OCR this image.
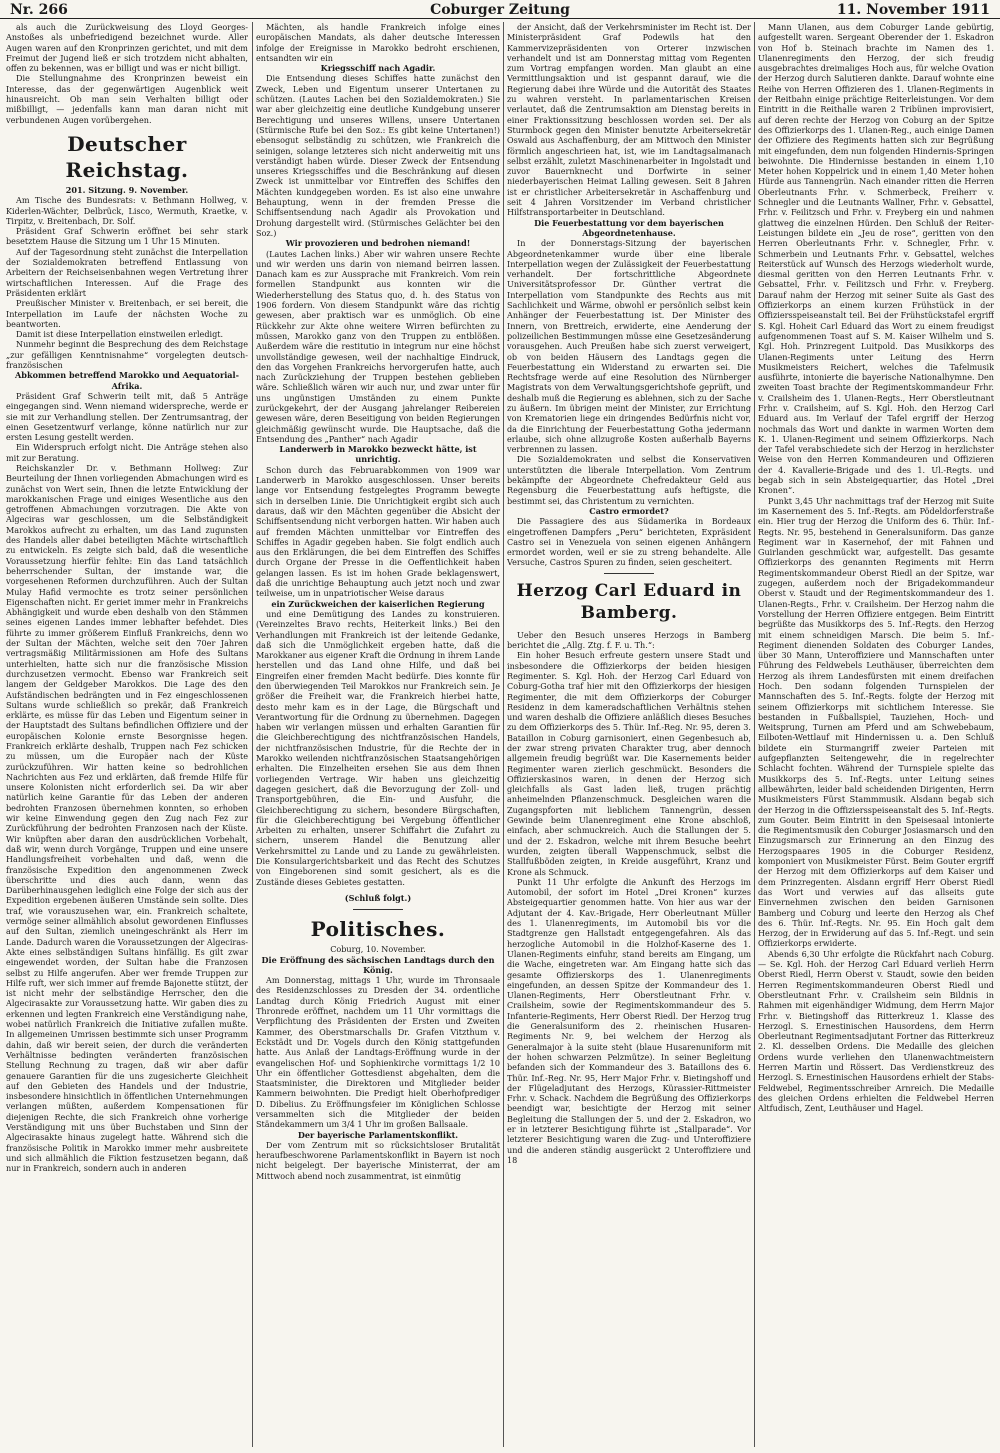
Nr. 266	Coburger Zeitung	11. November 1911

als auch die Zurückweisung des Lloyd Georges-Anstoßes als unbefriedigend bezeichnet wurde. Aller Augen waren auf den Kronprinzen gerichtet, und mit dem Freimut der Jugend ließ er sich trotzdem nicht abhalten, offen zu bekennen, was er billigt und was er nicht billigt.

Die Stellungnahme des Kronprinzen beweist ein Interesse, das der gegenwärtigen Augenblick weit hinausreicht. Ob man sein Verhalten billigt oder mißbilligt, — jedenfalls kann man daran nicht mit verbundenen Augen vorübergehen.

Deutscher Reichstag.

201. Sitzung. 9. November.

Am Tische des Bundesrats: v. Bethmann Hollweg, v. Kiderlen-Wächter, Delbrück, Lisco, Wermuth, Kraetke, v. Tirpitz, v. Breitenbach, Dr. Solf.

Präsident Graf Schwerin eröffnet bei sehr stark besetztem Hause die Sitzung um 1 Uhr 15 Minuten.

Auf der Tagesordnung steht zunächst die Interpellation der Sozialdemokraten betreffend Entlassung von Arbeitern der Reichseisenbahnen wegen Vertretung ihrer wirtschaftlichen Interessen. Auf die Frage des Präsidenten erklärt

Preußischer Minister v. Breitenbach, er sei bereit, die Interpellation im Laufe der nächsten Woche zu beantworten.

Damit ist diese Interpellation einstweilen erledigt.

Nunmehr beginnt die Besprechung des dem Reichstage „zur gefälligen Kenntnisnahme“ vorgelegten deutsch-französischen

Abkommen betreffend Marokko und Aequatorial-Afrika.

Präsident Graf Schwerin teilt mit, daß 5 Anträge eingegangen sind. Wenn niemand widerspreche, werde er sie mit zur Verhandlung stellen. Der Zentrumsantrag, der einen Gesetzentwurf verlange, könne natürlich nur zur ersten Lesung gestellt werden.

Ein Widerspruch erfolgt nicht. Die Anträge stehen also mit zur Beratung.

Reichskanzler Dr. v. Bethmann Hollweg: Zur Beurteilung der Ihnen vorliegenden Abmachungen wird es zunächst von Wert sein, Ihnen die letzte Entwicklung der marokkanischen Frage und einiges Wesentliche aus den getroffenen Abmachungen vorzutragen. Die Akte von Algeciras war geschlossen, um die Selbständigkeit Marokkos aufrecht zu erhalten, um das Land zugunsten des Handels aller dabei beteiligten Mächte wirtschaftlich zu entwickeln. Es zeigte sich bald, daß die wesentliche Voraussetzung hierfür fehlte: Ein das Land tatsächlich beherrschender Sultan, der imstande war, die vorgesehenen Reformen durchzuführen. Auch der Sultan Mulay Hafid vermochte es trotz seiner persönlichen Eigenschaften nicht. Er geriet immer mehr in Frankreichs Abhängigkeit und wurde eben deshalb von den Stämmen seines eigenen Landes immer lebhafter befehdet. Dies führte zu immer größerem Einfluß Frankreichs, denn wo der Sultan der Mächten, welche seit den 70er Jahren vertragsmäßig Militärmissionen am Hofe des Sultans unterhielten, hatte sich nur die französische Mission durchzusetzen vermocht. Ebenso war Frankreich seit langem der Geldgeber Marokkos. Die Lage des den Aufständischen bedrängten und in Fez eingeschlossenen Sultans wurde schließlich so prekär, daß Frankreich erklärte, es müsse für das Leben und Eigentum seiner in der Hauptstadt des Sultans befindlichen Offiziere und der europäischen Kolonie ernste Besorgnisse hegen. Frankreich erklärte deshalb, Truppen nach Fez schicken zu müssen, um die Europäer nach der Küste zurückzuführen. Wir hatten keine so bedrohlichen Nachrichten aus Fez und erklärten, daß fremde Hilfe für unsere Kolonisten nicht erforderlich sei. Da wir aber natürlich keine Garantie für das Leben der anderen bedrohten Franzosen übernehmen konnten, so erhoben wir keine Einwendung gegen den Zug nach Fez zur Zurückführung der bedrohten Franzosen nach der Küste. Wir knüpften aber daran den ausdrücklichen Vorbehalt, daß wir, wenn durch Vorgänge, Truppen und eine unsere Handlungsfreiheit vorbehalten und daß, wenn die französische Expedition den angenommenen Zweck überschritte und dies auch dann, wenn das Darüberhinausgehen lediglich eine Folge der sich aus der Expedition ergebenen äußeren Umstände sein sollte. Dies traf, wie vorauszusehen war, ein. Frankreich schaltete, vermöge seiner allmählich absolut gewordenen Einflusses auf den Sultan, ziemlich uneingeschränkt als Herr im Lande. Dadurch waren die Voraussetzungen der Algeciras-Akte eines selbständigen Sultans hinfällig. Es gilt zwar eingewendet worden, der Sultan habe die Franzosen selbst zu Hilfe angerufen. Aber wer fremde Truppen zur Hilfe ruft, wer sich immer auf fremde Bajonette stützt, der ist nicht mehr der selbständige Herrscher, den die Algecirasakte zur Voraussetzung hatte. Wir gaben dies zu erkennen und legten Frankreich eine Verständigung nahe, wobei natürlich Frankreich die Initiative zufallen mußte. In allgemeinen Umrissen bestimmte sich unser Programm dahin, daß wir bereit seien, der durch die veränderten Verhältnisse bedingten veränderten französischen Stellung Rechnung zu tragen, daß wir aber dafür genauere Garantien für die uns zugesicherte Gleichheit auf den Gebieten des Handels und der Industrie, insbesondere hinsichtlich in öffentlichen Unternehmungen verlangen müßten, außerdem Kompensationen für diejenigen Rechte, die sich Frankreich ohne vorherige Verständigung mit uns über Buchstaben und Sinn der Algecirasakte hinaus zugelegt hatte. Während sich die französische Politik in Marokko immer mehr ausbreitete und sich allmählich die Fiktion festzusetzen begann, daß nur in Frankreich, sondern auch in anderen

Mächten, als handle Frankreich infolge eines europäischen Mandats, als daher deutsche Interessen infolge der Ereignisse in Marokko bedroht erschienen, entsandten wir ein

Kriegsschiff nach Agadir.

Die Entsendung dieses Schiffes hatte zunächst den Zweck, Leben und Eigentum unserer Untertanen zu schützen. (Lautes Lachen bei den Sozialdemokraten.) Sie war aber gleichzeitig eine deutliche Kundgebung unserer Berechtigung und unseres Willens, unsere Untertanen (Stürmische Rufe bei den Soz.: Es gibt keine Untertanen!) ebensogut selbständig zu schützen, wie Frankreich die seinigen, solange letzteres sich nicht anderweitig mit uns verständigt haben würde. Dieser Zweck der Entsendung unseres Kriegsschiffes und die Beschränkung auf diesen Zweck ist unmittelbar vor Eintreffen des Schiffes den Mächten kundgegeben worden. Es ist also eine unwahre Behauptung, wenn in der fremden Presse die Schiffsentsendung nach Agadir als Provokation und Drohung dargestellt wird. (Stürmisches Gelächter bei den Soz.)

Wir provozieren und bedrohen niemand!

(Lautes Lachen links.) Aber wir wahren unsere Rechte und wir werden uns darin von niemand beirren lassen. Danach kam es zur Aussprache mit Frankreich. Vom rein formellen Standpunkt aus konnten wir die Wiederherstellung des Status quo, d. h. des Status von 1906 fordern. Von diesem Standpunkt wäre das richtig gewesen, aber praktisch war es unmöglich. Ob eine Rückkehr zur Akte ohne weitere Wirren befürchten zu müssen, Marokko ganz von den Truppen zu entblößen. Außerdem wäre die restitutio in integrum nur eine höchst unvollständige gewesen, weil der nachhaltige Eindruck, den das Vorgehen Frankreichs hervorgerufen hatte, auch nach Zurückziehung der Truppen bestehen geblieben wäre. Schließlich wären wir auch nur, und zwar unter für uns ungünstigen Umständen zu einem Punkte zurückgekehrt, der der Ausgang jahrelanger Reibereien gewesen wäre, deren Beseitigung von beiden Regierungen gleichmäßig gewünscht wurde. Die Hauptsache, daß die Entsendung des „Panther“ nach Agadir

Landerwerb in Marokko bezweckt hätte, ist unrichtig.

Schon durch das Februarabkommen von 1909 war Landerwerb in Marokko ausgeschlossen. Unser bereits lange vor Entsendung festgelegtes Programm bewegte sich in derselben Linie. Die Unrichtigkeit ergibt sich auch daraus, daß wir den Mächten gegenüber die Absicht der Schiffsentsendung nicht verborgen hatten. Wir haben auch auf fremden Mächten unmittelbar vor Eintreffen des Schiffes in Agadir gegeben haben. Sie folgt endlich auch aus den Erklärungen, die bei dem Eintreffen des Schiffes durch Organe der Presse in die Oeffentlichkeit haben gelangen lassen. Es ist im hohen Grade beklagenswert, daß die unrichtige Behauptung auch jetzt noch und zwar teilweise, um in unpatriotischer Weise daraus

ein Zurückweichen der kaiserlichen Regierung

und eine Demütigung des Landes zu konstruieren. (Vereinzeltes Bravo rechts, Heiterkeit links.) Bei den Verhandlungen mit Frankreich ist der leitende Gedanke, daß sich die Unmöglichkeit ergeben hatte, daß die Marokkaner aus eigener Kraft die Ordnung in ihrem Lande herstellen und das Land ohne Hilfe, und daß bei Eingreifen einer fremden Macht bedürfe. Dies konnte für den überwiegenden Teil Marokkos nur Frankreich sein. Je größer die Freiheit war, die Frankreich hierbei hatte, desto mehr kam es in der Lage, die Bürgschaft und Verantwortung für die Ordnung zu übernehmen. Dagegen haben wir verlangen müssen und erhalten Garantien für die Gleichberechtigung des nichtfranzösischen Handels, der nichtfranzösischen Industrie, für die Rechte der in Marokko weilenden nichtfranzösischen Staatsangehörigen erhalten. Die Einzelheiten ersehen Sie aus dem Ihnen vorliegenden Vertrage. Wir haben uns gleichzeitig dagegen gesichert, daß die Bevorzugung der Zoll- und Transportgebühren, die Ein- und Ausfuhr, die Gleichberechtigung zu sichern, besondere Bürgschaften, für die Gleichberechtigung bei Vergebung öffentlicher Arbeiten zu erhalten, unserer Schiffahrt die Zufahrt zu sichern, unserem Handel die Benutzung aller Verkehrsmittel zu Lande und zu Lande zu gewährleisten. Die Konsulargerichtsbarkeit und das Recht des Schutzes von Eingeborenen sind somit gesichert, als es die Zustände dieses Gebietes gestatten.

(Schluß folgt.)

Politisches.

Coburg, 10. November.

Die Eröffnung des sächsischen Landtags durch den König.

Am Donnerstag, mittags 1 Uhr, wurde im Thronsaale des Residenzschlosses zu Dresden der 34. ordentliche Landtag durch König Friedrich August mit einer Thronrede eröffnet, nachdem um 11 Uhr vormittags die Verpflichtung des Präsidenten der Ersten und Zweiten Kammer, des Oberstmarschalls Dr. Grafen Vitzthum v. Eckstädt und Dr. Vogels durch den König stattgefunden hatte. Aus Anlaß der Landtags-Eröffnung wurde in der evangelischen Hof- und Sophienkirche vormittags 1/2 10 Uhr ein öffentlicher Gottesdienst abgehalten, dem die Staatsminister, die Direktoren und Mitglieder beider Kammern beiwohnten. Die Predigt hielt Oberhofprediger D. Dibelius. Zu Eröffnungsfeier im Königlichen Schlosse versammelten sich die Mitglieder der beiden Ständekammern um 3/4 1 Uhr im großen Ballsaale.

Der bayerische Parlamentskonflikt.

Der vom Zentrum mit so rücksichtsloser Brutalität heraufbeschworene Parlamentskonflikt in Bayern ist noch nicht beigelegt. Der bayerische Ministerrat, der am Mittwoch abend noch zusammentrat, ist einmütig

der Ansicht, daß der Verkehrsminister im Recht ist. Der Ministerpräsident Graf Podewils hat den Kammervizepräsidenten von Orterer inzwischen verhandelt und ist am Donnerstag mittag vom Regenten zum Vortrag empfangen worden. Man glaubt an eine Vermittlungsaktion und ist gespannt darauf, wie die Regierung dabei ihre Würde und die Autorität des Staates zu wahren versteht. In parlamentarischen Kreisen verlautet, daß die Zentrumsaktion am Dienstag bereits in einer Fraktionssitzung beschlossen worden sei. Der als Sturmbock gegen den Minister benutzte Arbeitersekretär Oswald aus Aschaffenburg, der am Mittwoch den Minister förmlich angeschrieen hat, ist, wie im Landtagsalmanach selbst erzählt, zuletzt Maschinenarbeiter in Ingolstadt und zuvor Bauernknecht und Dorfwirte in seiner niederbayerischen Heimat Lalling gewesen. Seit 8 Jahren ist er christlicher Arbeitersekretär in Aschaffenburg und seit 4 Jahren Vorsitzender im Verband christlicher Hilfstransportarbeiter in Deutschland.

Die Feuerbestattung vor dem bayerischen Abgeordnetenhause.

In der Donnerstags-Sitzung der bayerischen Abgeordnetenkammer wurde über eine liberale Interpellation wegen der Zulässigkeit der Feuerbestattung verhandelt. Der fortschrittliche Abgeordnete Universitätsprofessor Dr. Günther vertrat die Interpellation vom Standpunkte des Rechts aus mit Sachlichkeit und Wärme, obwohl er persönlich selbst kein Anhänger der Feuerbestattung ist. Der Minister des Innern, von Brettreich, erwiderte, eine Aenderung der polizeilichen Bestimmungen müsse eine Gesetzesänderung vorausgehen. Auch Preußen habe sich zuerst verweigert, ob von beiden Häusern des Landtags gegen die Feuerbestattung ein Widerstand zu erwarten sei. Die Rechtsfrage werde auf eine Resolution des Nürnberger Magistrats von dem Verwaltungsgerichtshofe geprüft, und deshalb muß die Regierung es ablehnen, sich zu der Sache zu äußern. Im übrigen meint der Minister, zur Errichtung von Krematorien liege ein dringendes Bedürfnis nicht vor, da die Einrichtung der Feuerbestattung Gotha jedermann erlaube, sich ohne allzugroße Kosten außerhalb Bayerns verbrennen zu lassen.

Die Sozialdemokraten und selbst die Konservativen unterstützten die liberale Interpellation. Vom Zentrum bekämpfte der Abgeordnete Chefredakteur Geld aus Regensburg die Feuerbestattung aufs heftigste, die bestimmt sei, das Christentum zu vernichten.

Castro ermordet?

Die Passagiere des aus Südamerika in Bordeaux eingetroffenen Dampfers „Peru“ berichteten, Expräsident Castro sei in Venezuela von seinen eigenen Anhängern ermordet worden, weil er sie zu streng behandelte. Alle Versuche, Castros Spuren zu finden, seien gescheitert.

Herzog Carl Eduard in Bamberg.

Ueber den Besuch unseres Herzogs in Bamberg berichtet die „Allg. Ztg. f. F. u. Th.“:

Ein hoher Besuch erfreute gestern unsere Stadt und insbesondere die Offizierkorps der beiden hiesigen Regimenter. S. Kgl. Hoh. der Herzog Carl Eduard von Coburg-Gotha traf hier mit den Offizierkorps der hiesigen Regimenter, die mit dem Offizierkorps der Coburger Residenz in dem kameradschaftlichen Verhältnis stehen und waren deshalb die Offiziere anläßlich dieses Besuches zu dem Offizierkorps des 5. Thür. Inf.-Reg. Nr. 95, deren 3. Bataillon in Coburg garnisoniert, einen Gegenbesuch ab, der zwar streng privaten Charakter trug, aber dennoch allgemein freudig begrüßt war. Die Kasernements beider Regimenter waren zierlich geschmückt. Besonders die Offizierskasinos waren, in denen der Herzog sich gleichfalls als Gast laden ließ, trugen prächtig anheimelnden Pflanzenschmuck. Desgleichen waren die Zugangspforten mit lieblichem Tannengrün, dessen Gewinde beim Ulanenregiment eine Krone abschloß, einfach, aber schmuckreich. Auch die Stallungen der 5. und der 2. Eskadron, welche mit ihrem Besuche beehrt wurden, zeigten überall Wappenschmuck, selbst die Stallfußböden zeigten, in Kreide ausgeführt, Kranz und Krone als Schmuck.

Punkt 11 Uhr erfolgte die Ankunft des Herzogs im Automobil, der sofort im Hotel „Drei Kronen“ kurzes Absteigequartier genommen hatte. Von hier aus war der Adjutant der 4. Kav.-Brigade, Herr Oberleutnant Müller des 1. Ulanenregiments, im Automobil bis vor die Stadtgrenze gen Hallstadt entgegengefahren. Als das herzogliche Automobil in die Holzhof-Kaserne des 1. Ulanen-Regiments einfuhr, stand bereits am Eingang, um die Wache, eingetreten war. Am Eingang hatte sich das gesamte Offizierskorps des 1. Ulanenregiments eingefunden, an dessen Spitze der Kommandeur des 1. Ulanen-Regiments, Herr Oberstleutnant Frhr. v. Crailsheim, sowie der Regimentskommandeur des 5. Infanterie-Regiments, Herr Oberst Riedl. Der Herzog trug die Generalsuniform des 2. rheinischen Husaren-Regiments Nr. 9, bei welchem der Herzog als Generalmajor à la suite steht (blaue Husarenuniform mit der hohen schwarzen Pelzmütze). In seiner Begleitung befanden sich der Kommandeur des 3. Bataillons des 6. Thür. Inf.-Reg. Nr. 95, Herr Major Frhr. v. Bietingshoff und der Flügeladjutant des Herzogs, Kürassier-Rittmeister Frhr. v. Schack. Nachdem die Begrüßung des Offizierkorps beendigt war, besichtigte der Herzog mit seiner Begleitung die Stallungen der 5. und der 2. Eskadron, wo er in letzterer Besichtigung führte ist „Stallparade“. Vor letzterer Besichtigung waren die Zug- und Unteroffiziere und die anderen ständig ausgerückt 2 Unteroffiziere und 18

Mann Ulanen, aus dem Coburger Lande gebürtig, aufgestellt waren. Sergeant Oberender der 1. Eskadron von Hof b. Steinach brachte im Namen des 1. Ulanenregiments den Herzog, der sich freudig ausgebrachtes dreimaliges Hoch aus, für welche Ovation der Herzog durch Salutieren dankte. Darauf wohnte eine Reihe von Herren Offizieren des 1. Ulanen-Regiments in der Reitbahn einige prächtige Reiterleistungen. Vor dem Eintritt in die Reithalle waren 2 Tribünen improvisiert, auf deren rechte der Herzog von Coburg an der Spitze des Offizierkorps des 1. Ulanen-Reg., auch einige Damen der Offiziere des Regiments hatten sich zur Begrüßung mit eingefunden, dem nun folgenden Hindernis-Springen beiwohnte. Die Hindernisse bestanden in einem 1,10 Meter hohen Koppelrick und in einem 1,40 Meter hohen Hürde aus Tannengrün. Nach einander ritten die Herren Oberleutnants Frhr. v. Schmerbeck, Freiherr v. Schnegler und die Leutnants Wallner, Frhr. v. Gebsattel, Frhr. v. Feilitzsch und Frhr. v. Freyberg ein und nahmen glattweg die einzelnen Hürden. Den Schluß der Reiter-Leistungen bildete ein „Jeu de rose“, geritten von den Herren Oberleutnants Frhr. v. Schnegler, Frhr. v. Schmerbein und Leutnants Frhr. v. Gebsattel, welches Reiterstück auf Wunsch des Herzogs wiederholt wurde, diesmal geritten von den Herren Leutnants Frhr. v. Gebsattel, Frhr. v. Feilitzsch und Frhr. v. Freyberg. Darauf nahm der Herzog mit seiner Suite als Gast des Offizierkorps an einem kurzen Frühstück in der Offiziersspeiseanstalt teil. Bei der Frühstückstafel ergriff S. Kgl. Hoheit Carl Eduard das Wort zu einem freudigst aufgenommenen Toast auf S. M. Kaiser Wilhelm und S. Kgl. Hoh. Prinzregent Luitpold. Das Musikkorps des Ulanen-Regiments unter Leitung des Herrn Musikmeisters Reichert, welches die Tafelmusik ausführte, intonierte die bayerische Nationalhymne. Den zweiten Toast brachte der Regimentskommandeur Frhr. v. Crailsheim des 1. Ulanen-Regts., Herr Oberstleutnant Frhr. v. Crailsheim, auf S. Kgl. Hoh. den Herzog Carl Eduard aus. Im Verlauf der Tafel ergriff der Herzog nochmals das Wort und dankte in warmen Worten dem K. 1. Ulanen-Regiment und seinem Offizierkorps. Nach der Tafel verabschiedete sich der Herzog in herzlichster Weise von den Herren Kommandeuren und Offizieren der 4. Kavallerie-Brigade und des 1. Ul.-Regts. und begab sich in sein Absteigequartier, das Hotel „Drei Kronen“.

Punkt 3,45 Uhr nachmittags traf der Herzog mit Suite im Kasernement des 5. Inf.-Regts. am Pödeldorferstraße ein. Hier trug der Herzog die Uniform des 6. Thür. Inf.-Regts. Nr. 95, bestehend in Generalsuniform. Das ganze Regiment war in Kasernehof, der mit Fahnen und Guirlanden geschmückt war, aufgestellt. Das gesamte Offizierkorps des genannten Regiments mit Herrn Regimentskommandeur Oberst Riedl an der Spitze, war zugegen, außerdem noch der Brigadekommandeur Oberst v. Staudt und der Regimentskommandeur des 1. Ulanen-Regts., Frhr. v. Crailsheim. Der Herzog nahm die Vorstellung der Herren Offiziere entgegen. Beim Eintritt begrüßte das Musikkorps des 5. Inf.-Regts. den Herzog mit einem schneidigen Marsch. Die beim 5. Inf.-Regiment dienenden Soldaten des Coburger Landes, über 30 Mann, Unteroffiziere und Mannschaften unter Führung des Feldwebels Leuthäuser, überreichten dem Herzog als ihrem Landesfürsten mit einem dreifachen Hoch. Den sodann folgenden Turnspielen der Mannschaften des 5. Inf.-Regts. folgte der Herzog mit seinem Offizierkorps mit sichtlichem Interesse. Sie bestanden in Fußballspiel, Tauziehen, Hoch- und Weitsprung, Turnen am Pferd und am Schwebebaum, Eilboten-Wettlauf mit Hindernissen u. a. Den Schluß bildete ein Sturmangriff zweier Parteien mit aufgepflanzten Seitengewehr, die in regelrechter Schlacht fochten. Während der Turnspiele spielte das Musikkorps des 5. Inf.-Regts. unter Leitung seines allbewährten, leider bald scheidenden Dirigenten, Herrn Musikmeisters Fürst Stammmusik. Alsdann begab sich der Herzog in die Offiziersspeiseanstalt des 5. Inf.-Regts. zum Gouter. Beim Eintritt in den Speisesaal intonierte die Regimentsmusik den Coburger Josiasmarsch und den Einzugsmarsch zur Erinnerung an den Einzug des Herzogspaares 1905 in die Coburger Residenz, komponiert von Musikmeister Fürst. Beim Gouter ergriff der Herzog mit dem Offizierkorps auf dem Kaiser und dem Prinzregenten. Alsdann ergriff Herr Oberst Riedl das Wort und verwies auf das allseits gute Einvernehmen zwischen den beiden Garnisonen Bamberg und Coburg und leerte den Herzog als Chef des 6. Thür. Inf.-Regts. Nr. 95. Ein Hoch galt dem Herzog, der in Erwiderung auf das 5. Inf.-Regt. und sein Offizierkorps erwiderte.

Abends 6,30 Uhr erfolgte die Rückfahrt nach Coburg. — Se. Kgl. Hoh. der Herzog Carl Eduard verlieh Herrn Oberst Riedl, Herrn Oberst v. Staudt, sowie den beiden Herren Regimentskommandeuren Oberst Riedl und Oberstleutnant Frhr. v. Crailsheim sein Bildnis in Rahmen mit eigenhändiger Widmung, dem Herrn Major Frhr. v. Bietingshoff das Ritterkreuz 1. Klasse des Herzogl. S. Ernestinischen Hausordens, dem Herrn Oberleutnant Regimentsadjutant Fortner das Ritterkreuz 2. Kl. desselben Ordens. Die Medaille des gleichen Ordens wurde verliehen den Ulanenwachtmeistern Herren Martin und Rössert. Das Verdienstkreuz des Herzogl. S. Ernestinischen Hausordens erhielt der Stabs-Feldwebel, Regimentsschreiber Arnreich. Die Medaille des gleichen Ordens erhielten die Feldwebel Herren Altfudisch, Zent, Leuthäuser und Hagel.
